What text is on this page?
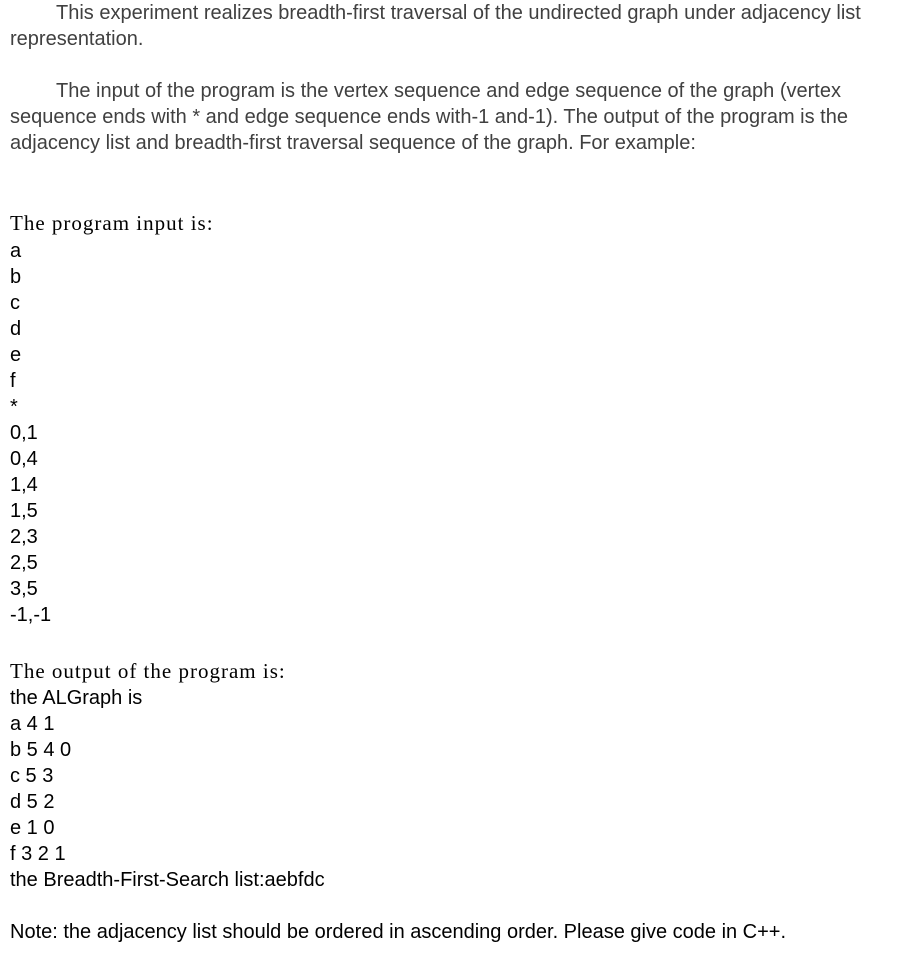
This experiment realizes breadth-first traversal of the undirected graph under adjacency list representation.

The input of the program is the vertex sequence and edge sequence of the graph (vertex sequence ends with * and edge sequence ends with-1 and-1). The output of the program is the adjacency list and breadth-first traversal sequence of the graph. For example:

The program input is:

a
b
c
d
e
f
*
0,1
0,4
1,4
1,5
2,3
2,5
3,5
-1,-1

The output of the program is:

the ALGraph is
a 4 1
b 5 4 0
c 5 3
d 5 2
e 1 0
f 3 2 1
the Breadth-First-Search list:aebfdc

Note: the adjacency list should be ordered in ascending order. Please give code in C++.
